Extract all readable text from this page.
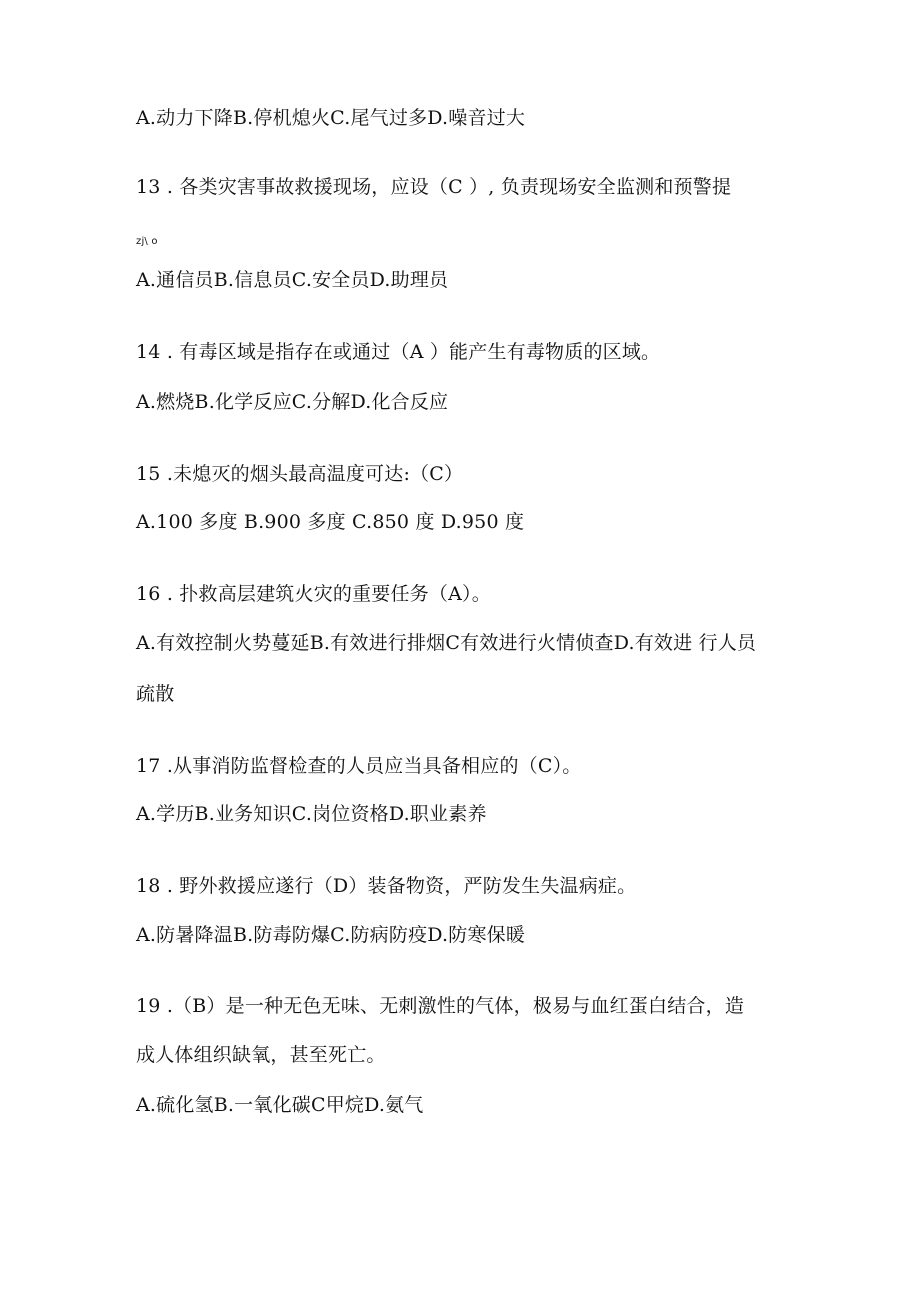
A.动力下降B.停机熄火C.尾气过多D.噪音过大
13 . 各类灾害事故救援现场，应设（C ）, 负责现场安全监测和预警提
zj\ o
A.通信员B.信息员C.安全员D.助理员
14 . 有毒区域是指存在或通过（A ）能产生有毒物质的区域。
A.燃烧B.化学反应C.分解D.化合反应
15 .未熄灭的烟头最高温度可达:（C）
A.100 多度 B.900 多度 C.850 度 D.950 度
16 . 扑救高层建筑火灾的重要任务（A）。
A.有效控制火势蔓延B.有效进行排烟C有效进行火情侦查D.有效进 行人员
疏散
17 .从事消防监督检查的人员应当具备相应的（C）。
A.学历B.业务知识C.岗位资格D.职业素养
18 . 野外救援应遂行（D）装备物资，严防发生失温病症。
A.防暑降温B.防毒防爆C.防病防疫D.防寒保暖
19 .（B）是一种无色无味、无刺激性的气体，极易与血红蛋白结合，造
成人体组织缺氧，甚至死亡。
A.硫化氢B.一氧化碳C甲烷D.氨气
